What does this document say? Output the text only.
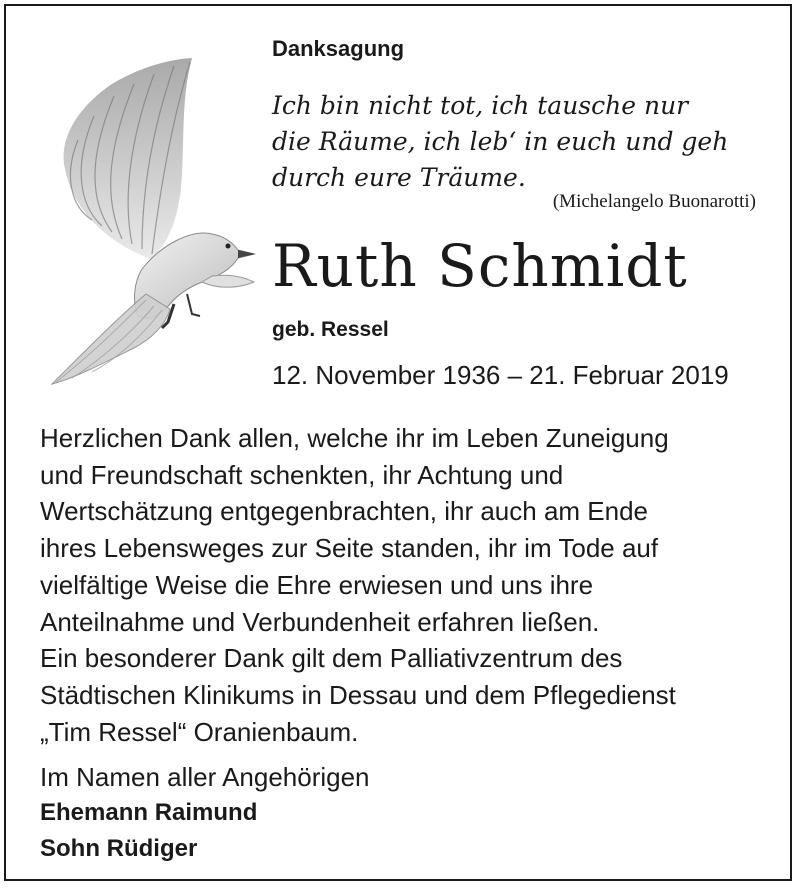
Danksagung
Ich bin nicht tot, ich tausche nur
die Räume, ich leb‘ in euch und geh
durch eure Träume.
(Michelangelo Buonarotti)
Ruth Schmidt
geb. Ressel
12. November 1936 – 21. Februar 2019
Herzlichen Dank allen, welche ihr im Leben Zuneigung
und Freundschaft schenkten, ihr Achtung und
Wertschätzung entgegenbrachten, ihr auch am Ende
ihres Lebensweges zur Seite standen, ihr im Tode auf
vielfältige Weise die Ehre erwiesen und uns ihre
Anteilnahme und Verbundenheit erfahren ließen.
Ein besonderer Dank gilt dem Palliativzentrum des
Städtischen Klinikums in Dessau und dem Pflegedienst
„Tim Ressel“ Oranienbaum.
Im Namen aller Angehörigen
Ehemann Raimund
Sohn Rüdiger
